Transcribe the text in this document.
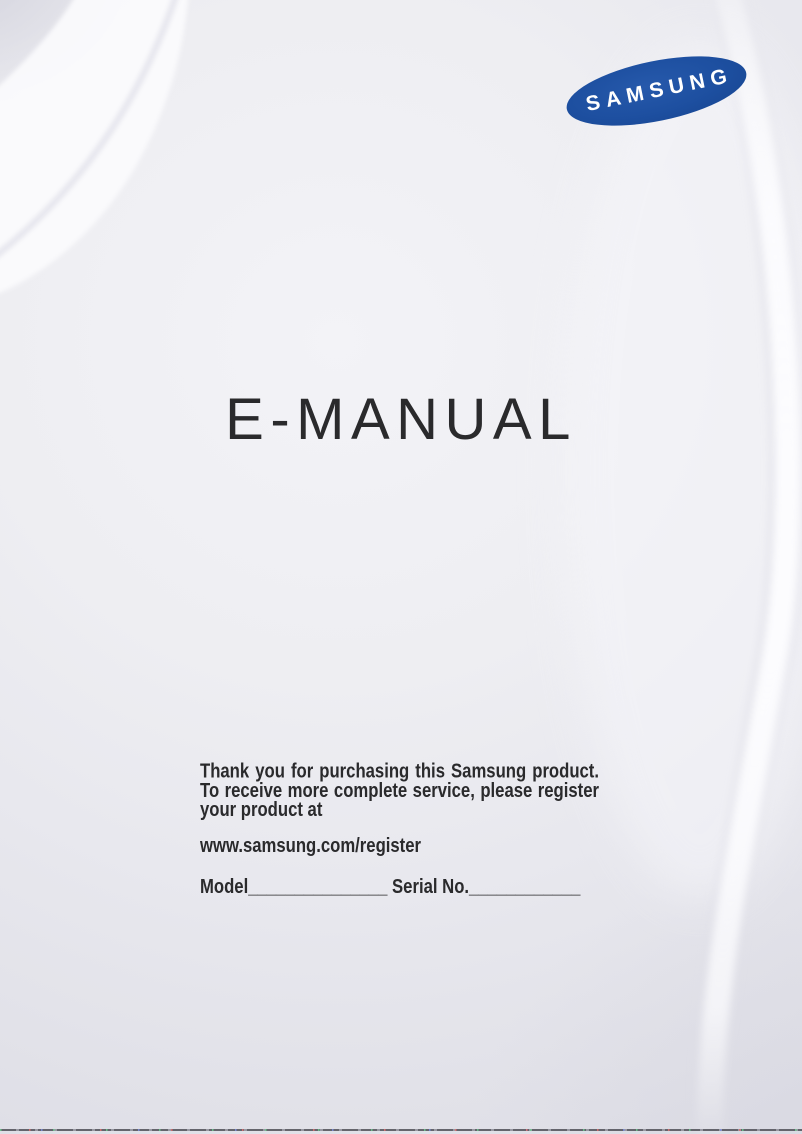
SAMSUNG
E-MANUAL

Thank you for purchasing this Samsung product.

To receive more complete service, please register

your product at

www.samsung.com/register

Model_______________ Serial No.____________
